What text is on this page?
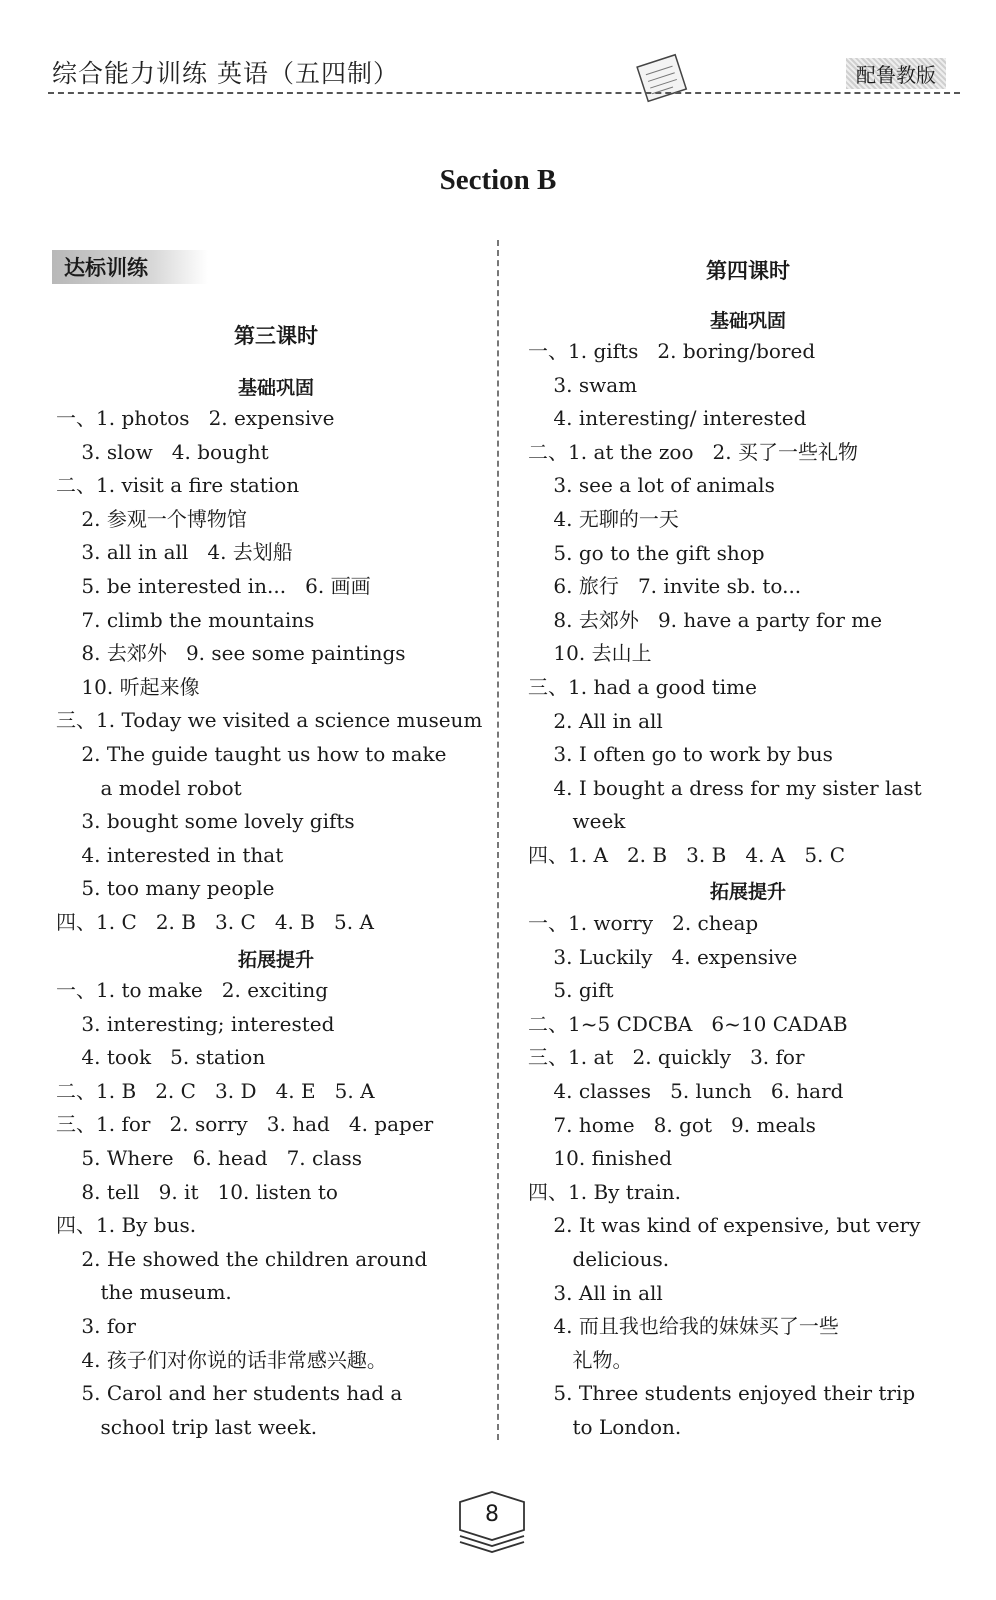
综合能力训练 英语（五四制）	配鲁教版
Section B
达标训练
第三课时
基础巩固
一、1. photos   2. expensive
3. slow   4. bought
二、1. visit a fire station
2. 参观一个博物馆
3. all in all   4. 去划船
5. be interested in...   6. 画画
7. climb the mountains
8. 去郊外   9. see some paintings
10. 听起来像
三、1. Today we visited a science museum
2. The guide taught us how to make
a model robot
3. bought some lovely gifts
4. interested in that
5. too many people
四、1. C   2. B   3. C   4. B   5. A
拓展提升
一、1. to make   2. exciting
3. interesting; interested
4. took   5. station
二、1. B   2. C   3. D   4. E   5. A
三、1. for   2. sorry   3. had   4. paper
5. Where   6. head   7. class
8. tell   9. it   10. listen to
四、1. By bus.
2. He showed the children around
the museum.
3. for
4. 孩子们对你说的话非常感兴趣。
5. Carol and her students had a
school trip last week.
第四课时
基础巩固
一、1. gifts   2. boring/bored
3. swam
4. interesting/ interested
二、1. at the zoo   2. 买了一些礼物
3. see a lot of animals
4. 无聊的一天
5. go to the gift shop
6. 旅行   7. invite sb. to...
8. 去郊外   9. have a party for me
10. 去山上
三、1. had a good time
2. All in all
3. I often go to work by bus
4. I bought a dress for my sister last
week
四、1. A   2. B   3. B   4. A   5. C
拓展提升
一、1. worry   2. cheap
3. Luckily   4. expensive
5. gift
二、1~5 CDCBA   6~10 CADAB
三、1. at   2. quickly   3. for
4. classes   5. lunch   6. hard
7. home   8. got   9. meals
10. finished
四、1. By train.
2. It was kind of expensive, but very
delicious.
3. All in all
4. 而且我也给我的妹妹买了一些
礼物。
5. Three students enjoyed their trip
to London.
8
